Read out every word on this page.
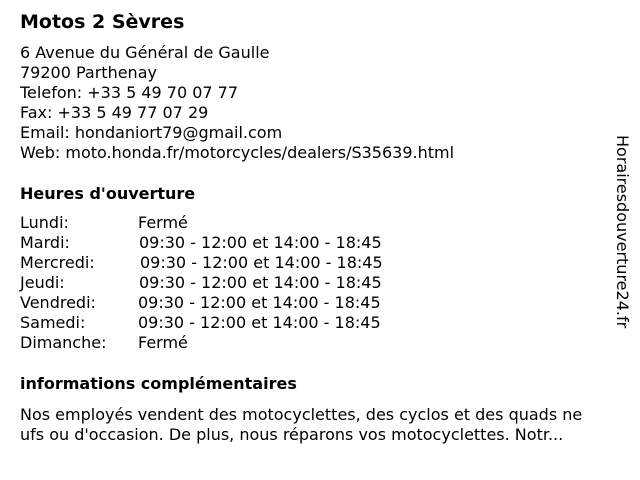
Motos 2 Sèvres
6 Avenue du Général de Gaulle
79200 Parthenay
Telefon: +33 5 49 70 07 77
Fax: +33 5 49 77 07 29
Email: hondaniort79@gmail.com
Web: moto.honda.fr/motorcycles/dealers/S35639.html
Heures d'ouverture
Lundi:	Fermé
Mardi:	09:30 - 12:00 et 14:00 - 18:45
Mercredi:	09:30 - 12:00 et 14:00 - 18:45
Jeudi:	09:30 - 12:00 et 14:00 - 18:45
Vendredi:	09:30 - 12:00 et 14:00 - 18:45
Samedi:	09:30 - 12:00 et 14:00 - 18:45
Dimanche: Fermé
informations complémentaires
Nos employés vendent des motocyclettes, des cyclos et des quads ne
ufs ou d'occasion. De plus, nous réparons vos motocyclettes. Notr...
Horairesdouverture24.fr
